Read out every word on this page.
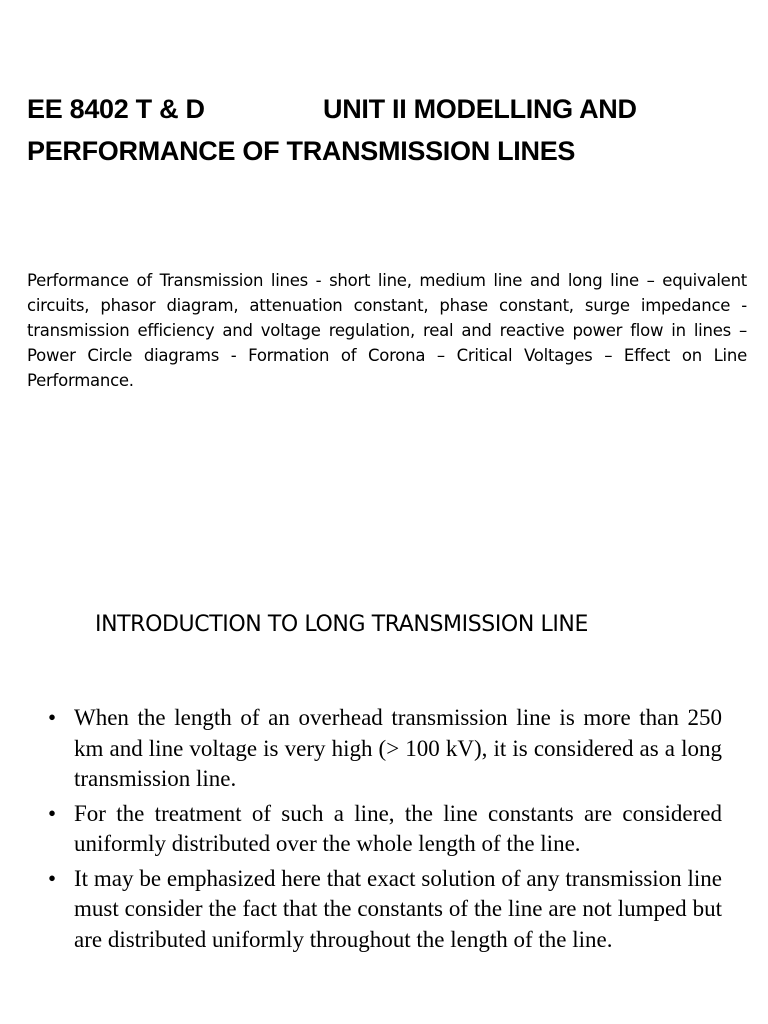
EE 8402 T & D	UNIT II MODELLING AND
PERFORMANCE OF TRANSMISSION LINES

Performance of Transmission lines - short line, medium line and long line – equivalent circuits, phasor diagram, attenuation constant, phase constant, surge impedance - transmission efficiency and voltage regulation, real and reactive power flow in lines – Power Circle diagrams - Formation of Corona – Critical Voltages – Effect on Line Performance.

INTRODUCTION TO LONG TRANSMISSION LINE
• When the length of an overhead transmission line is more than 250 km and line voltage is very high (> 100 kV), it is considered as a long transmission line.
• For the treatment of such a line, the line constants are considered uniformly distributed over the whole length of the line.
• It may be emphasized here that exact solution of any transmission line must consider the fact that the constants of the line are not lumped but are distributed uniformly throughout the length of the line.
